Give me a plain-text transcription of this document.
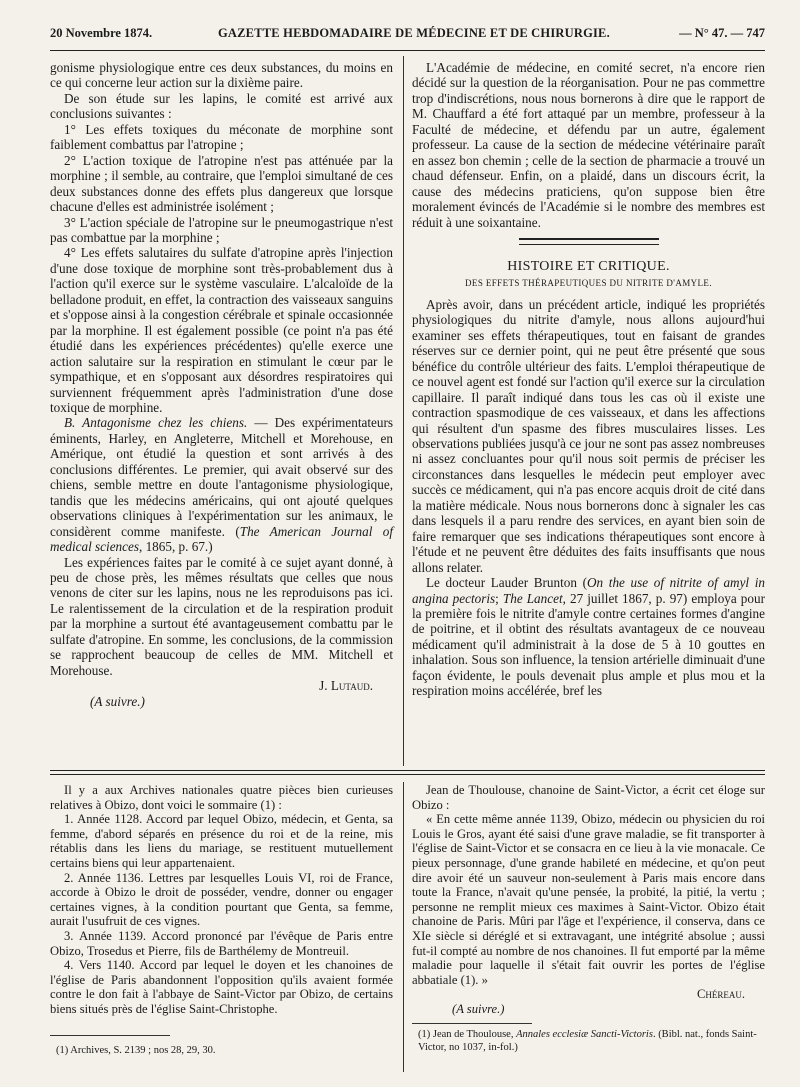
20 Novembre 1874.	GAZETTE HEBDOMADAIRE DE MÉDECINE ET DE CHIRURGIE.	— N° 47. — 747

gonisme physiologique entre ces deux substances, du moins en ce qui concerne leur action sur la dixième paire.

De son étude sur les lapins, le comité est arrivé aux conclusions suivantes :

1° Les effets toxiques du méconate de morphine sont faiblement combattus par l'atropine ;

2° L'action toxique de l'atropine n'est pas atténuée par la morphine ; il semble, au contraire, que l'emploi simultané de ces deux substances donne des effets plus dangereux que lorsque chacune d'elles est administrée isolément ;

3° L'action spéciale de l'atropine sur le pneumogastrique n'est pas combattue par la morphine ;

4° Les effets salutaires du sulfate d'atropine après l'injection d'une dose toxique de morphine sont très-probablement dus à l'action qu'il exerce sur le système vasculaire. L'alcaloïde de la belladone produit, en effet, la contraction des vaisseaux sanguins et s'oppose ainsi à la congestion cérébrale et spinale occasionnée par la morphine. Il est également possible (ce point n'a pas été étudié dans les expériences précédentes) qu'elle exerce une action salutaire sur la respiration en stimulant le cœur par le sympathique, et en s'opposant aux désordres respiratoires qui surviennent fréquemment après l'administration d'une dose toxique de morphine.

B. Antagonisme chez les chiens. — Des expérimentateurs éminents, Harley, en Angleterre, Mitchell et Morehouse, en Amérique, ont étudié la question et sont arrivés à des conclusions différentes. Le premier, qui avait observé sur des chiens, semble mettre en doute l'antagonisme physiologique, tandis que les médecins américains, qui ont ajouté quelques observations cliniques à l'expérimentation sur les animaux, le considèrent comme manifeste. (The American Journal of medical sciences, 1865, p. 67.)

Les expériences faites par le comité à ce sujet ayant donné, à peu de chose près, les mêmes résultats que celles que nous venons de citer sur les lapins, nous ne les reproduisons pas ici. Le ralentissement de la circulation et de la respiration produit par la morphine a surtout été avantageusement combattu par le sulfate d'atropine. En somme, les conclusions, de la commission se rapprochent beaucoup de celles de MM. Mitchell et Morehouse.

J. Lutaud.
(A suivre.)

L'Académie de médecine, en comité secret, n'a encore rien décidé sur la question de la réorganisation. Pour ne pas commettre trop d'indiscrétions, nous nous bornerons à dire que le rapport de M. Chauffard a été fort attaqué par un membre, professeur à la Faculté de médecine, et défendu par un autre, également professeur. La cause de la section de médecine vétérinaire paraît en assez bon chemin ; celle de la section de pharmacie a trouvé un chaud défenseur. Enfin, on a plaidé, dans un discours écrit, la cause des médecins praticiens, qu'on suppose bien être moralement évincés de l'Académie si le nombre des membres est réduit à une soixantaine.

HISTOIRE ET CRITIQUE.
DES EFFETS THÉRAPEUTIQUES DU NITRITE D'AMYLE.

Après avoir, dans un précédent article, indiqué les propriétés physiologiques du nitrite d'amyle, nous allons aujourd'hui examiner ses effets thérapeutiques, tout en faisant de grandes réserves sur ce dernier point, qui ne peut être présenté que sous bénéfice du contrôle ultérieur des faits. L'emploi thérapeutique de ce nouvel agent est fondé sur l'action qu'il exerce sur la circulation capillaire. Il paraît indiqué dans tous les cas où il existe une contraction spasmodique de ces vaisseaux, et dans les affections qui résultent d'un spasme des fibres musculaires lisses. Les observations publiées jusqu'à ce jour ne sont pas assez nombreuses ni assez concluantes pour qu'il nous soit permis de préciser les circonstances dans lesquelles le médecin peut employer avec succès ce médicament, qui n'a pas encore acquis droit de cité dans la matière médicale. Nous nous bornerons donc à signaler les cas dans lesquels il a paru rendre des services, en ayant bien soin de faire remarquer que ses indications thérapeutiques sont encore à l'étude et ne peuvent être déduites des faits insuffisants que nous allons relater.

Le docteur Lauder Brunton (On the use of nitrite of amyl in angina pectoris; The Lancet, 27 juillet 1867, p. 97) employa pour la première fois le nitrite d'amyle contre certaines formes d'angine de poitrine, et il obtint des résultats avantageux de ce nouveau médicament qu'il administrait à la dose de 5 à 10 gouttes en inhalation. Sous son influence, la tension artérielle diminuait d'une façon évidente, le pouls devenait plus ample et plus mou et la respiration moins accélérée, bref les

Il y a aux Archives nationales quatre pièces bien curieuses relatives à Obizo, dont voici le sommaire (1) :

1. Année 1128. Accord par lequel Obizo, médecin, et Genta, sa femme, d'abord séparés en présence du roi et de la reine, mis rétablis dans les liens du mariage, se restituent mutuellement certains biens qui leur appartenaient.

2. Année 1136. Lettres par lesquelles Louis VI, roi de France, accorde à Obizo le droit de posséder, vendre, donner ou engager certaines vignes, à la condition pourtant que Genta, sa femme, aurait l'usufruit de ces vignes.

3. Année 1139. Accord prononcé par l'évêque de Paris entre Obizo, Trosedus et Pierre, fils de Barthélemy de Montreuil.

4. Vers 1140. Accord par lequel le doyen et les chanoines de l'église de Paris abandonnent l'opposition qu'ils avaient formée contre le don fait à l'abbaye de Saint-Victor par Obizo, de certains biens situés près de l'église Saint-Christophe.

(1) Archives, S. 2139 ; nos 28, 29, 30.

Jean de Thoulouse, chanoine de Saint-Victor, a écrit cet éloge sur Obizo :

« En cette même année 1139, Obizo, médecin ou physicien du roi Louis le Gros, ayant été saisi d'une grave maladie, se fit transporter à l'église de Saint-Victor et se consacra en ce lieu à la vie monacale. Ce pieux personnage, d'une grande habileté en médecine, et qu'on peut dire avoir été un sauveur non-seulement à Paris mais encore dans toute la France, n'avait qu'une pensée, la probité, la pitié, la vertu ; personne ne remplit mieux ces maximes à Saint-Victor. Obizo était chanoine de Paris. Mûri par l'âge et l'expérience, il conserva, dans ce XIe siècle si déréglé et si extravagant, une intégrité absolue ; aussi fut-il compté au nombre de nos chanoines. Il fut emporté par la même maladie pour laquelle il s'était fait ouvrir les portes de l'église abbatiale (1). »

Chéreau.
(A suivre.)
(1) Jean de Thoulouse, Annales ecclesiæ Sancti-Victoris. (Bibl. nat., fonds Saint-Victor, no 1037, in-fol.)
